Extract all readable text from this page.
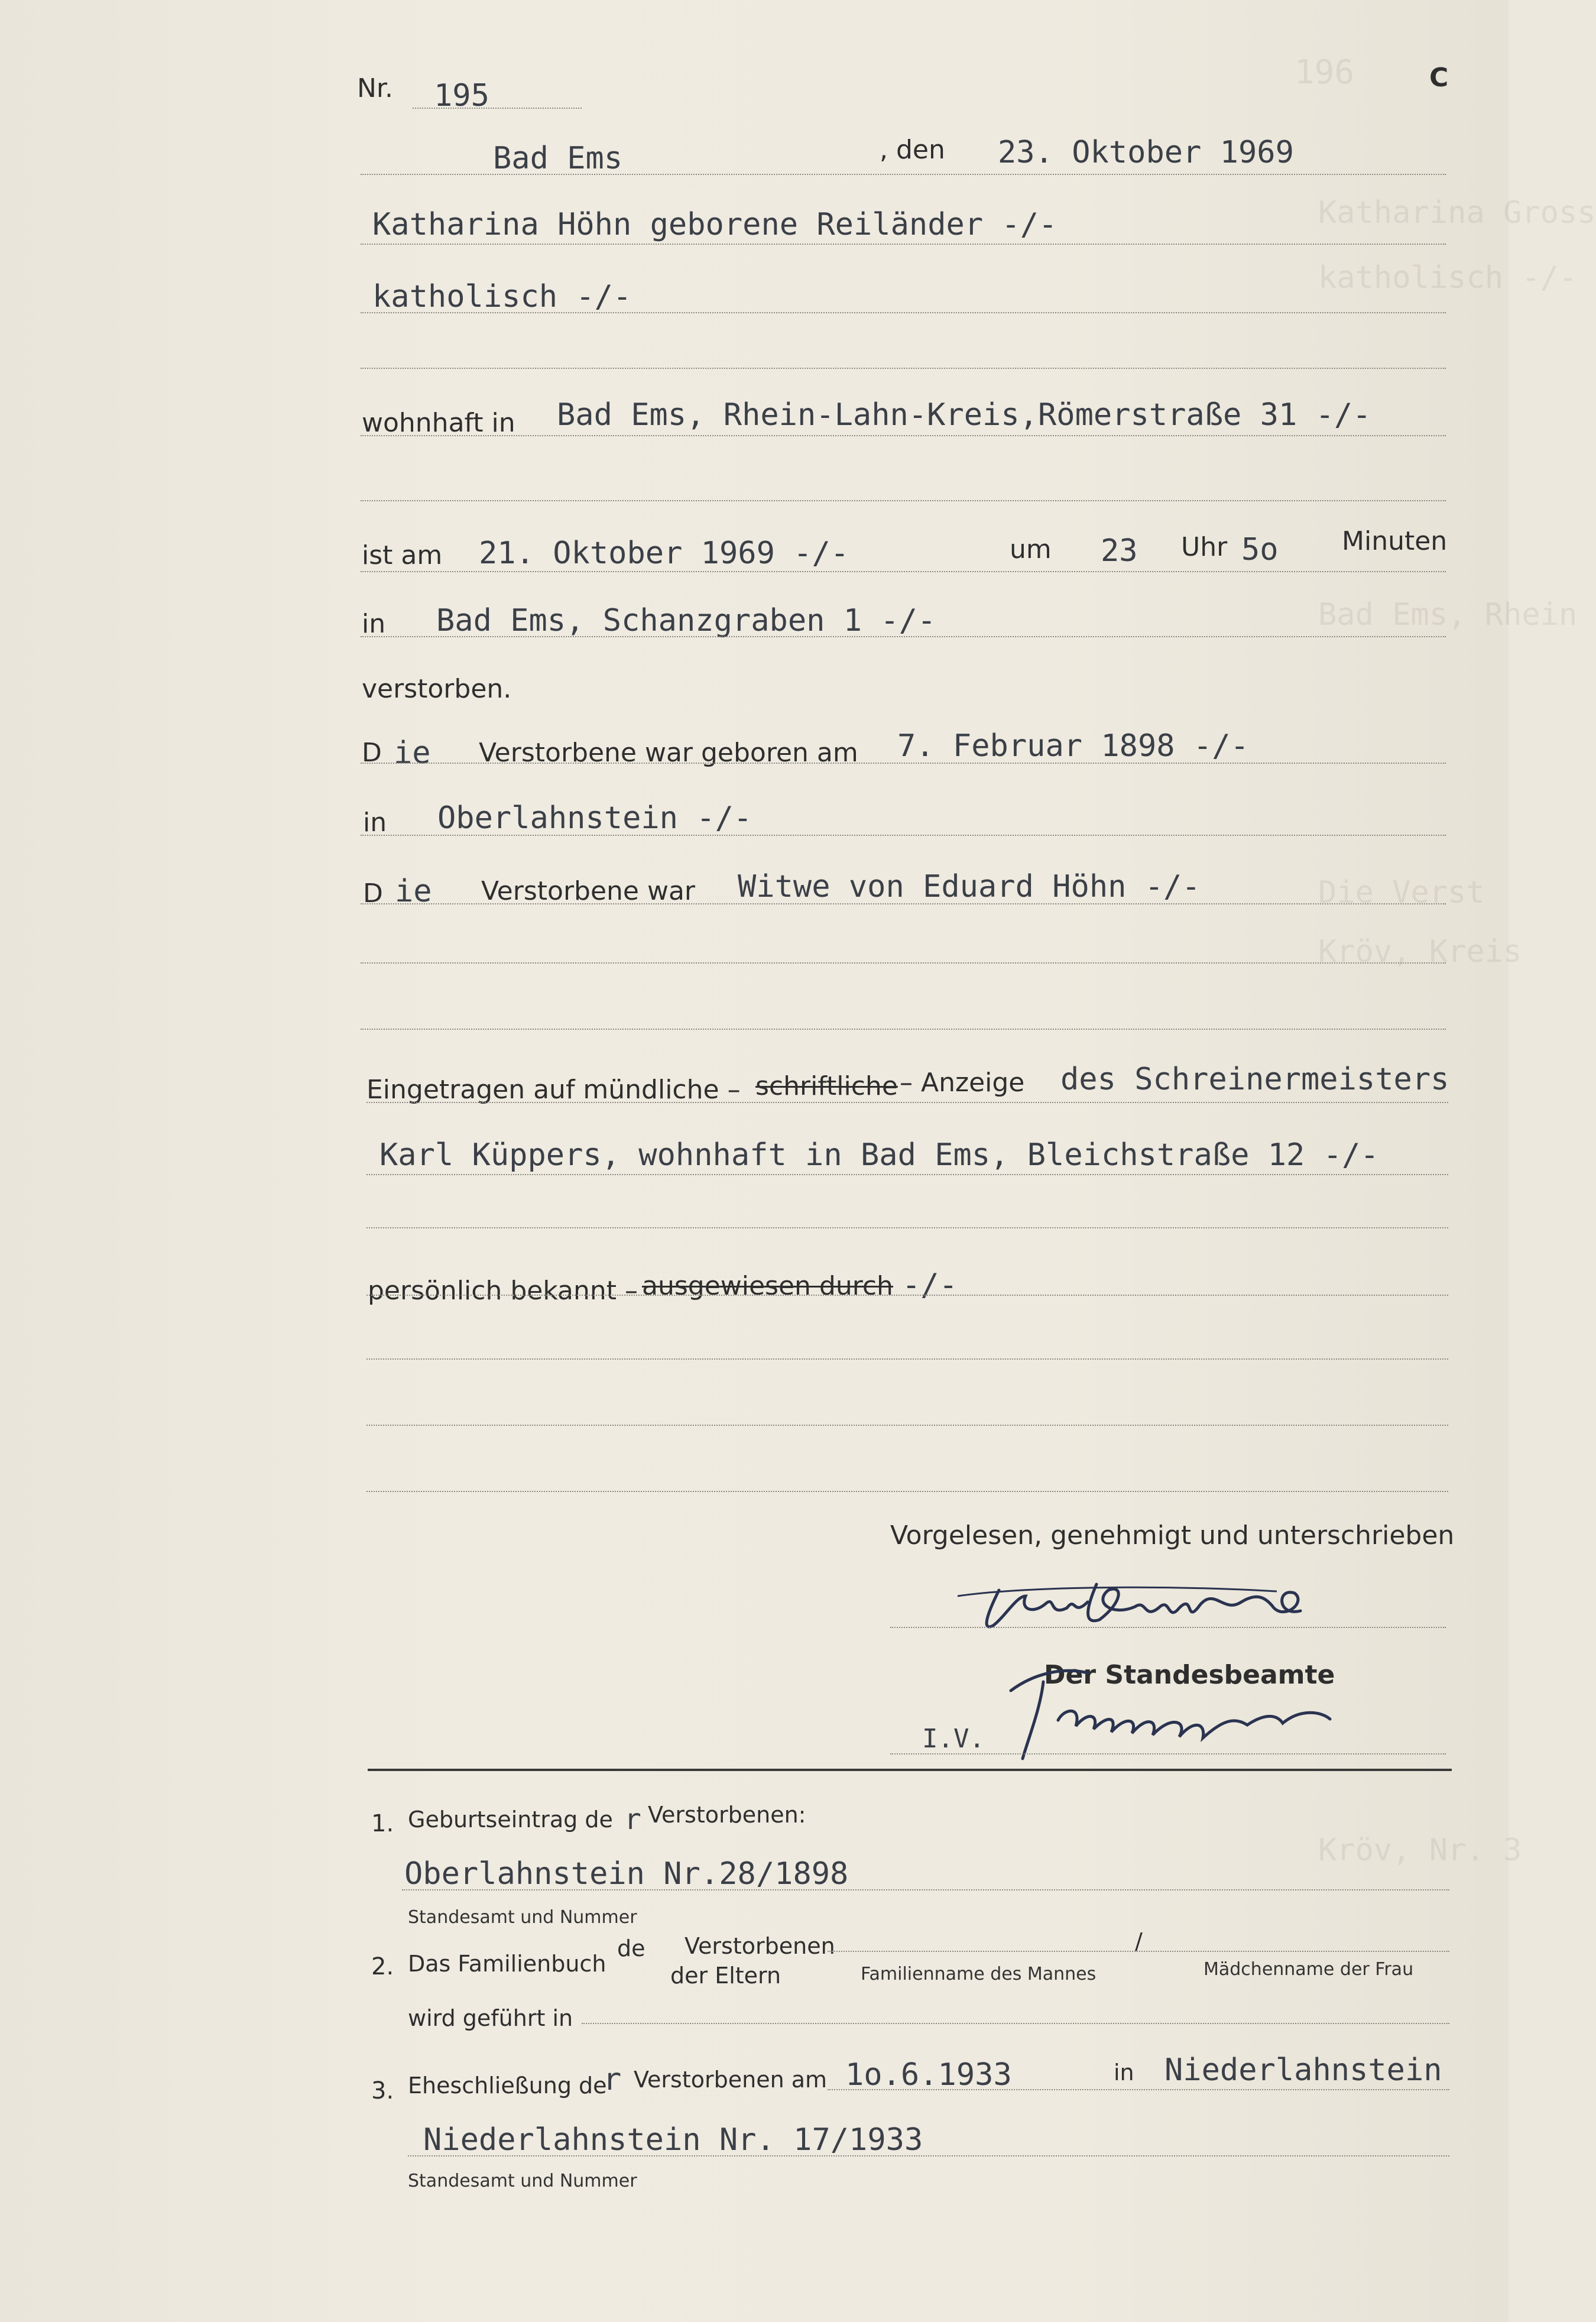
196
Katharina Gross
katholisch -/-
Bad Ems, Rhein
Die Verst
Kröv, Kreis
Kröv, Nr. 3
C
Nr. 195
Bad Ems	, den 23. Oktober 1969
Katharina Höhn geborene Reiländer -/-
katholisch -/-
wohnhaft in Bad Ems, Rhein-Lahn-Kreis,Römerstraße 31 -/-
ist am 21. Oktober 1969 -/-	um 23 Uhr 5o Minuten
in Bad Ems, Schanzgraben 1 -/-
verstorben.
D ie Verstorbene war geboren am 7. Februar 1898 -/-
in Oberlahnstein -/-
D ie Verstorbene war Witwe von Eduard Höhn -/-
Eingetragen auf mündliche – schriftliche – Anzeige des Schreinermeisters
Karl Küppers, wohnhaft in Bad Ems, Bleichstraße 12 -/-
persönlich bekannt – ausgewiesen durch -/-
Vorgelesen, genehmigt und unterschrieben
Der Standesbeamte
I.V.
1. Geburtseintrag de r Verstorbenen:
Oberlahnstein Nr.28/1898
Standesamt und Nummer
2. Das Familienbuch
de Verstorbenen
der Eltern
/
Familienname des Mannes	Mädchenname der Frau
wird geführt in
3. Eheschließung de
r Verstorbenen am 1o.6.1933	in Niederlahnstein
Niederlahnstein Nr. 17/1933
Standesamt und Nummer
